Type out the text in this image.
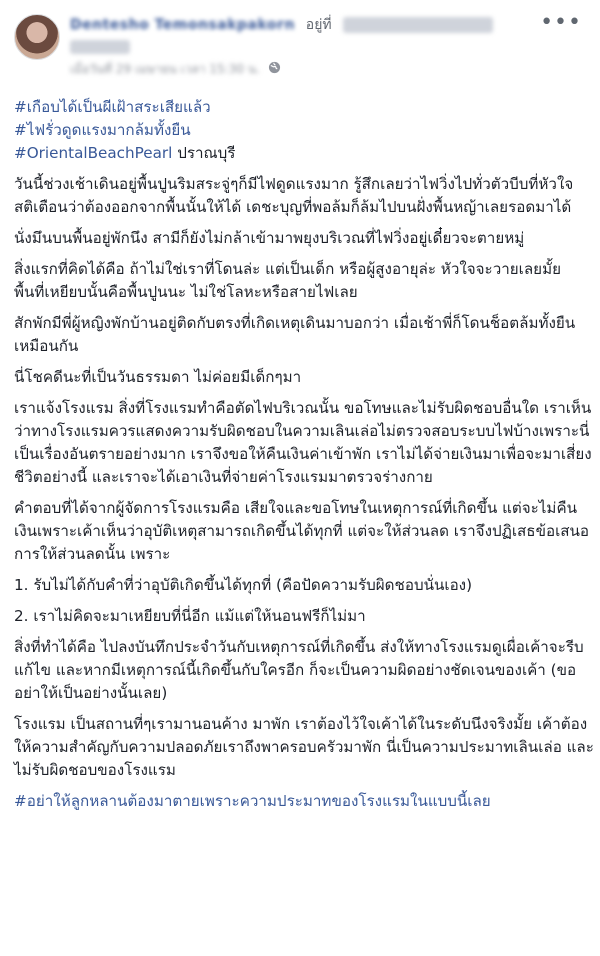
Dentesho Temonsakpakorn อยู่ที่
เมื่อวันที่ 29 เมษายน เวลา 15:30 น.
•••
#เกือบได้เป็นผีเฝ้าสระเสียแล้ว
#ไฟรั่วดูดแรงมากล้มทั้งยืน
#OrientalBeachPearl ปราณบุรี

วันนี้ช่วงเช้าเดินอยู่พื้นปูนริมสระจู่ๆก็มีไฟดูดแรงมาก รู้สึกเลยว่าไฟวิ่งไปทั่วตัวบีบที่หัวใจ สติเตือนว่าต้องออกจากพื้นนั้นให้ได้ เดชะบุญที่พอล้มก็ล้มไปบนฝั่งพื้นหญ้าเลยรอดมาได้

นั่งมึนบนพื้นอยู่พักนึง สามีก็ยังไม่กล้าเข้ามาพยุงบริเวณที่ไฟวิ่งอยู่เดี๋ยวจะตายหมู่

สิ่งแรกที่คิดได้คือ ถ้าไม่ใช่เราที่โดนล่ะ แต่เป็นเด็ก หรือผู้สูงอายุล่ะ หัวใจจะวายเลยมั้ย พื้นที่เหยียบนั้นคือพื้นปูนนะ ไม่ใช่โลหะหรือสายไฟเลย

สักพักมีพี่ผู้หญิงพักบ้านอยู่ติดกับตรงที่เกิดเหตุเดินมาบอกว่า เมื่อเช้าพี่ก็โดนช็อตล้มทั้งยืนเหมือนกัน

นี่โชคดีนะที่เป็นวันธรรมดา ไม่ค่อยมีเด็กๆมา

เราแจ้งโรงแรม สิ่งที่โรงแรมทำคือตัดไฟบริเวณนั้น ขอโทษและไม่รับผิดชอบอื่นใด เราเห็นว่าทางโรงแรมควรแสดงความรับผิดชอบในความเลินเล่อไม่ตรวจสอบระบบไฟบ้างเพราะนี่เป็นเรื่องอันตรายอย่างมาก เราจึงขอให้คืนเงินค่าเข้าพัก เราไม่ได้จ่ายเงินมาเพื่อจะมาเสี่ยงชีวิตอย่างนี้ และเราจะได้เอาเงินที่จ่ายค่าโรงแรมมาตรวจร่างกาย

คำตอบที่ได้จากผู้จัดการโรงแรมคือ เสียใจและขอโทษในเหตุการณ์ที่เกิดขึ้น แต่จะไม่คืนเงินเพราะเค้าเห็นว่าอุบัติเหตุสามารถเกิดขึ้นได้ทุกที่ แต่จะให้ส่วนลด เราจึงปฏิเสธข้อเสนอการให้ส่วนลดนั้น เพราะ

1. รับไม่ได้กับคำที่ว่าอุบัติเกิดขึ้นได้ทุกที่ (คือปัดความรับผิดชอบนั่นเอง)

2. เราไม่คิดจะมาเหยียบที่นี่อีก แม้แต่ให้นอนฟรีก็ไม่มา

สิ่งที่ทำได้คือ ไปลงบันทึกประจำวันกับเหตุการณ์ที่เกิดขึ้น ส่งให้ทางโรงแรมดูเผื่อเค้าจะรีบแก้ไข และหากมีเหตุการณ์นี้เกิดขึ้นกับใครอีก ก็จะเป็นความผิดอย่างชัดเจนของเค้า (ขออย่าให้เป็นอย่างนั้นเลย)

โรงแรม เป็นสถานที่ๆเรามานอนค้าง มาพัก เราต้องไว้ใจเค้าได้ในระดับนึงจริงมั้ย เค้าต้องให้ความสำคัญกับความปลอดภัยเราถึงพาครอบครัวมาพัก นี่เป็นความประมาทเลินเล่อ และไม่รับผิดชอบของโรงแรม

#อย่าให้ลูกหลานต้องมาตายเพราะความประมาทของโรงแรมในแบบนี้เลย
